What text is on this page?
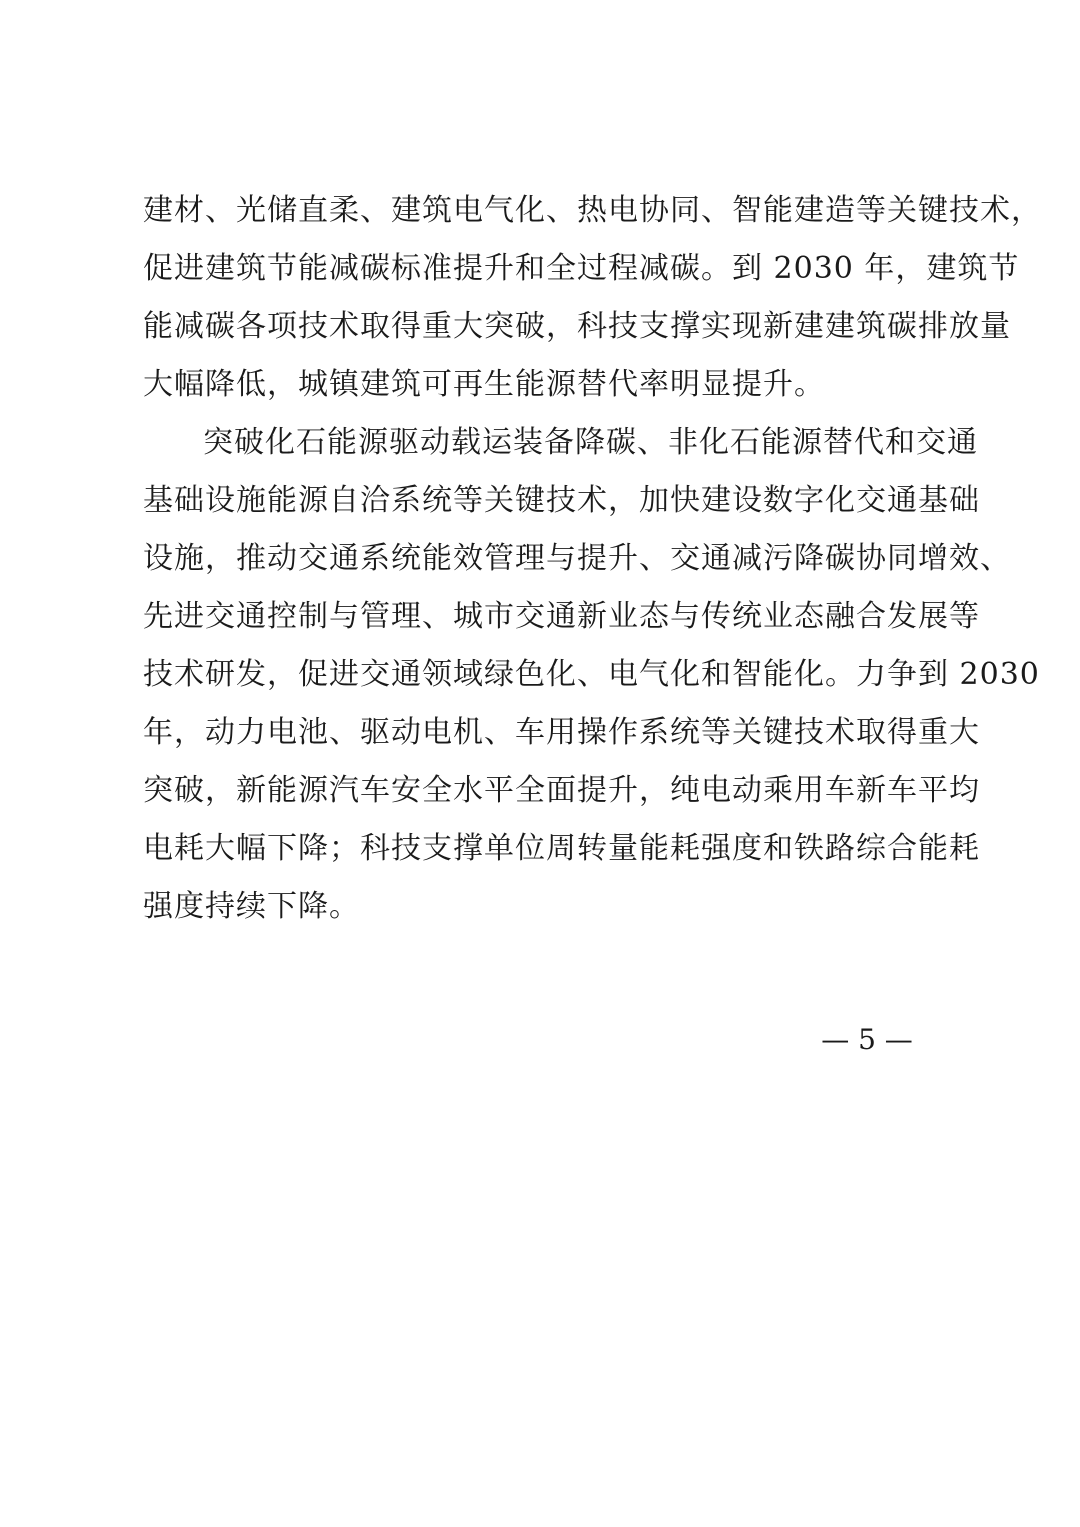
建材、光储直柔、建筑电气化、热电协同、智能建造等关键技术，
促进建筑节能减碳标准提升和全过程减碳。到 2030 年，建筑节
能减碳各项技术取得重大突破，科技支撑实现新建建筑碳排放量
大幅降低，城镇建筑可再生能源替代率明显提升。
突破化石能源驱动载运装备降碳、非化石能源替代和交通
基础设施能源自洽系统等关键技术，加快建设数字化交通基础
设施，推动交通系统能效管理与提升、交通减污降碳协同增效、
先进交通控制与管理、城市交通新业态与传统业态融合发展等
技术研发，促进交通领域绿色化、电气化和智能化。力争到 2030
年，动力电池、驱动电机、车用操作系统等关键技术取得重大
突破，新能源汽车安全水平全面提升，纯电动乘用车新车平均
电耗大幅下降；科技支撑单位周转量能耗强度和铁路综合能耗
强度持续下降。
— 5 —
